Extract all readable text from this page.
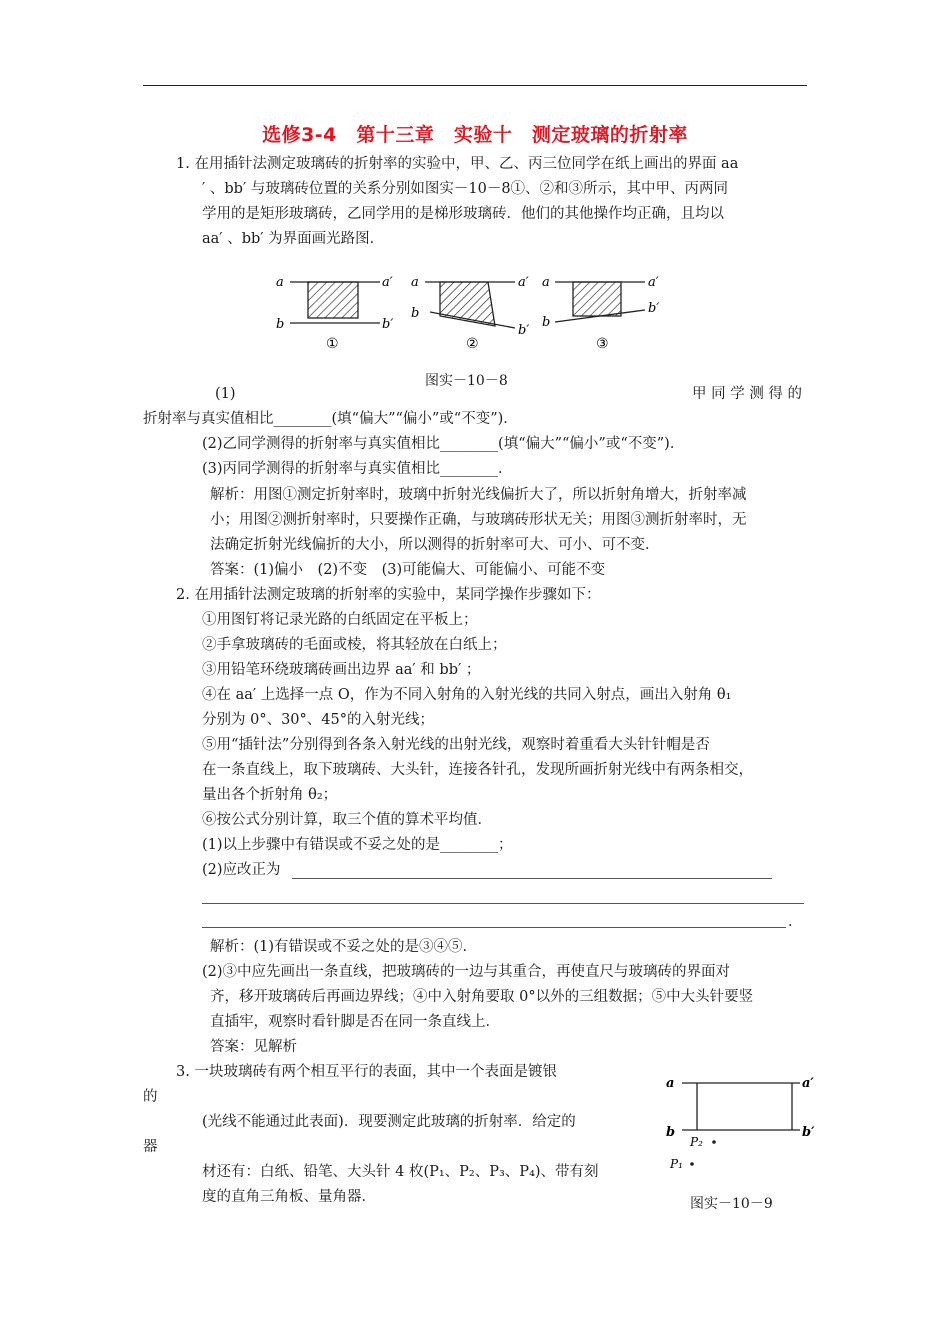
选修3-4　第十三章　实验十　测定玻璃的折射率
1. 在用插针法测定玻璃砖的折射率的实验中，甲、乙、丙三位同学在纸上画出的界面 aa
′ 、bb′ 与玻璃砖位置的关系分别如图实－10－8①、②和③所示，其中甲、丙两同
学用的是矩形玻璃砖，乙同学用的是梯形玻璃砖．他们的其他操作均正确，且均以
aa′ 、bb′ 为界面画光路图．
a	a′
b	b′
①
a	a′
b
b′
②
a	a′
b
b′
③
图实－10－8
(1)	甲 同 学 测 得 的
折射率与真实值相比________(填“偏大”“偏小”或“不变”)．
(2)乙同学测得的折射率与真实值相比________(填“偏大”“偏小”或“不变”)．
(3)丙同学测得的折射率与真实值相比________．
解析：用图①测定折射率时，玻璃中折射光线偏折大了，所以折射角增大，折射率减
小；用图②测折射率时，只要操作正确，与玻璃砖形状无关；用图③测折射率时，无
法确定折射光线偏折的大小，所以测得的折射率可大、可小、可不变．
答案：(1)偏小　(2)不变　(3)可能偏大、可能偏小、可能不变
2. 在用插针法测定玻璃的折射率的实验中，某同学操作步骤如下：
①用图钉将记录光路的白纸固定在平板上；
②手拿玻璃砖的毛面或棱，将其轻放在白纸上；
③用铅笔环绕玻璃砖画出边界 aa′ 和 bb′ ；
④在 aa′ 上选择一点 O，作为不同入射角的入射光线的共同入射点，画出入射角 θ₁
分别为 0°、30°、45°的入射光线；
⑤用“插针法”分别得到各条入射光线的出射光线，观察时着重看大头针针帽是否
在一条直线上，取下玻璃砖、大头针，连接各针孔，发现所画折射光线中有两条相交，
量出各个折射角 θ₂；
⑥按公式分别计算，取三个值的算术平均值．
(1)以上步骤中有错误或不妥之处的是________；
(2)应改正为
．
解析：(1)有错误或不妥之处的是③④⑤.
(2)③中应先画出一条直线，把玻璃砖的一边与其重合，再使直尺与玻璃砖的界面对
齐，移开玻璃砖后再画边界线；④中入射角要取 0°以外的三组数据；⑤中大头针要竖
直插牢，观察时看针脚是否在同一条直线上．
答案：见解析
3. 一块玻璃砖有两个相互平行的表面，其中一个表面是镀银
的
(光线不能通过此表面)．现要测定此玻璃的折射率．给定的
器
材还有：白纸、铅笔、大头针 4 枚(P₁、P₂、P₃、P₄)、带有刻
度的直角三角板、量角器．
a	a′
b	b′
P₂
P₁
图实－10－9
